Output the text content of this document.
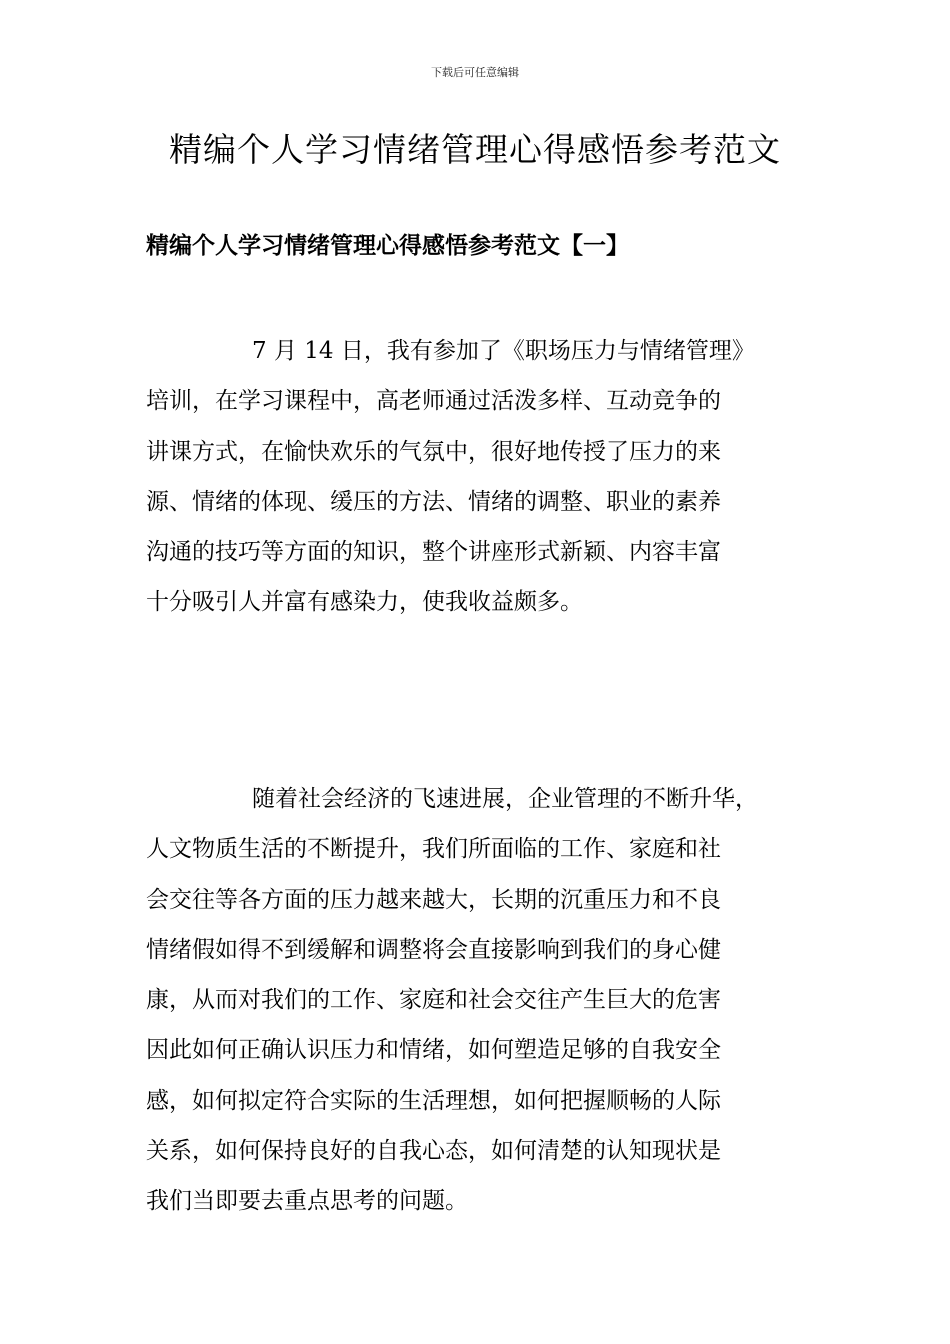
下载后可任意编辑
精编个人学习情绪管理心得感悟参考范文
精编个人学习情绪管理心得感悟参考范文【一】

7 月 14 日，我有参加了《职场压力与情绪管理》
培训，在学习课程中，高老师通过活泼多样、互动竞争的
讲课方式，在愉快欢乐的气氛中，很好地传授了压力的来
源、情绪的体现、缓压的方法、情绪的调整、职业的素养
沟通的技巧等方面的知识，整个讲座形式新颖、内容丰富
十分吸引人并富有感染力，使我收益颇多。

随着社会经济的飞速进展，企业管理的不断升华，
人文物质生活的不断提升，我们所面临的工作、家庭和社
会交往等各方面的压力越来越大，长期的沉重压力和不良
情绪假如得不到缓解和调整将会直接影响到我们的身心健
康，从而对我们的工作、家庭和社会交往产生巨大的危害
因此如何正确认识压力和情绪，如何塑造足够的自我安全
感，如何拟定符合实际的生活理想，如何把握顺畅的人际
关系，如何保持良好的自我心态，如何清楚的认知现状是
我们当即要去重点思考的问题。
